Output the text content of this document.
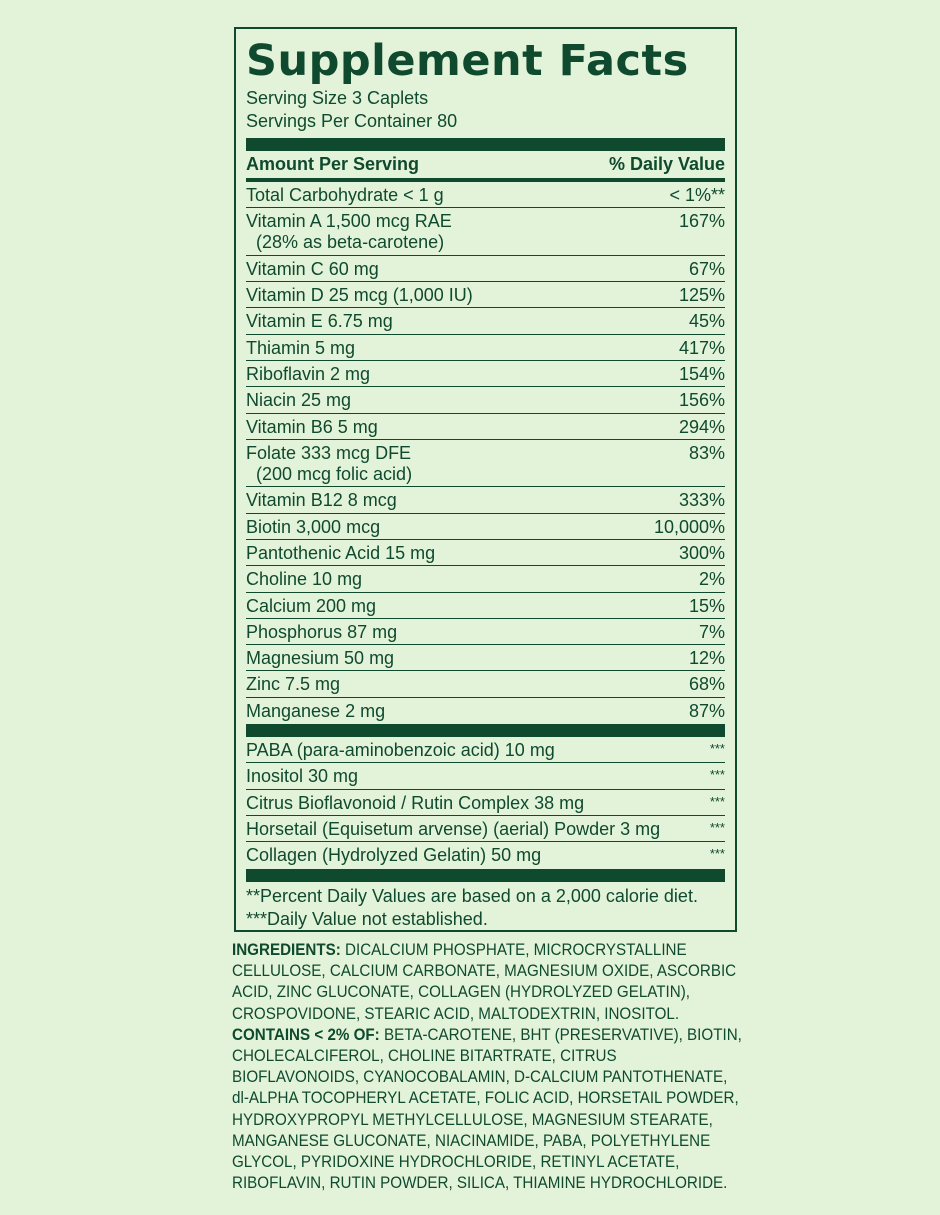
Supplement Facts
Serving Size 3 Caplets
Servings Per Container 80
Amount Per Serving	% Daily Value
Total Carbohydrate < 1 g	< 1%**
Vitamin A 1,500 mcg RAE
(28% as beta-carotene)
167%
Vitamin C 60 mg	67%
Vitamin D 25 mcg (1,000 IU)	125%
Vitamin E 6.75 mg	45%
Thiamin 5 mg	417%
Riboflavin 2 mg	154%
Niacin 25 mg	156%
Vitamin B6 5 mg	294%
Folate 333 mcg DFE
(200 mcg folic acid)
83%
Vitamin B12 8 mcg	333%
Biotin 3,000 mcg	10,000%
Pantothenic Acid 15 mg	300%
Choline 10 mg	2%
Calcium 200 mg	15%
Phosphorus 87 mg	7%
Magnesium 50 mg	12%
Zinc 7.5 mg	68%
Manganese 2 mg	87%
PABA (para-aminobenzoic acid) 10 mg	***
Inositol 30 mg	***
Citrus Bioflavonoid / Rutin Complex 38 mg	***
Horsetail (Equisetum arvense) (aerial) Powder 3 mg	***
Collagen (Hydrolyzed Gelatin) 50 mg	***
**Percent Daily Values are based on a 2,000 calorie diet.
***Daily Value not established.
INGREDIENTS: DICALCIUM PHOSPHATE, MICROCRYSTALLINE CELLULOSE, CALCIUM CARBONATE, MAGNESIUM OXIDE, ASCORBIC ACID, ZINC GLUCONATE, COLLAGEN (HYDROLYZED GELATIN), CROSPOVIDONE, STEARIC ACID, MALTODEXTRIN, INOSITOL. CONTAINS < 2% OF: BETA-CAROTENE, BHT (PRESERVATIVE), BIOTIN, CHOLECALCIFEROL, CHOLINE BITARTRATE, CITRUS BIOFLAVONOIDS, CYANOCOBALAMIN, D-CALCIUM PANTOTHENATE, dl-ALPHA TOCOPHERYL ACETATE, FOLIC ACID, HORSETAIL POWDER, HYDROXYPROPYL METHYLCELLULOSE, MAGNESIUM STEARATE, MANGANESE GLUCONATE, NIACINAMIDE, PABA, POLYETHYLENE GLYCOL, PYRIDOXINE HYDROCHLORIDE, RETINYL ACETATE, RIBOFLAVIN, RUTIN POWDER, SILICA, THIAMINE HYDROCHLORIDE.
